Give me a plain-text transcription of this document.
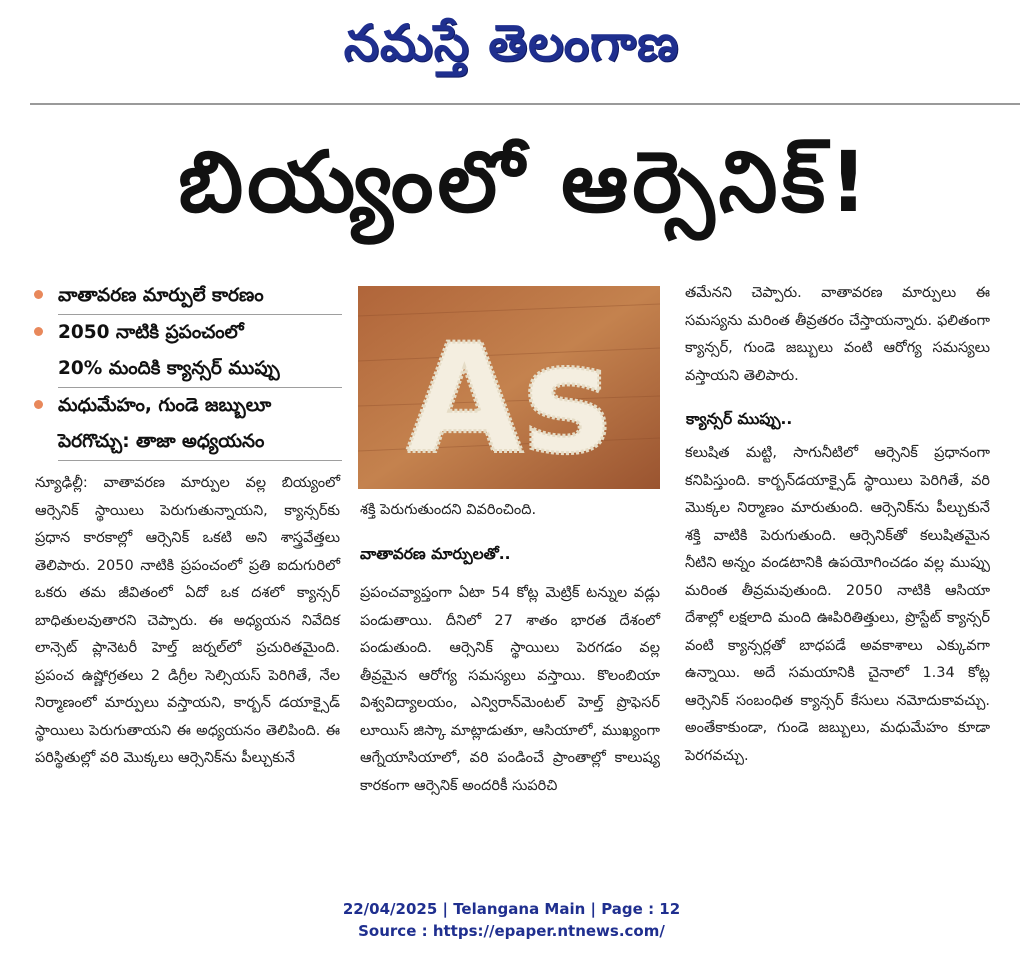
నమస్తే తెలంగాణ
బియ్యంలో ఆర్సెనిక్‌!
వాతావరణ మార్పులే కారణం
2050 నాటికి ప్రపంచంలో
20% మందికి క్యాన్సర్‌ ముప్పు
మధుమేహం, గుండె జబ్బులూ
పెరగొచ్చు: తాజా అధ్యయనం

న్యూఢిల్లీ: వాతావరణ మార్పుల వల్ల బియ్యంలో ఆర్సెనిక్‌ స్థాయిలు పెరుగుతున్నాయని, క్యాన్సర్‌కు ప్రధాన కారకాల్లో ఆర్సెనిక్‌ ఒకటి అని శాస్త్రవేత్తలు తెలిపారు. 2050 నాటికి ప్రపంచంలో ప్రతి ఐదుగురిలో ఒకరు తమ జీవితంలో ఏదో ఒక దశలో క్యాన్సర్‌ బాధితులవుతారని చెప్పారు. ఈ అధ్యయన నివేదిక లాన్సెట్‌ ప్లానెటరీ హెల్త్‌ జర్నల్‌లో ప్రచురితమైంది. ప్రపంచ ఉష్ణోగ్రతలు 2 డిగ్రీల సెల్సియస్‌ పెరిగితే, నేల నిర్మాణంలో మార్పులు వస్తాయని, కార్బన్‌ డయాక్సైడ్‌ స్థాయిలు పెరుగుతాయని ఈ అధ్యయనం తెలిపింది. ఈ పరిస్థితుల్లో వరి మొక్కలు ఆర్సెనిక్‌ను పీల్చుకునే

As
శక్తి పెరుగుతుందని వివరించింది.
వాతావరణ మార్పులతో..

ప్రపంచవ్యాప్తంగా ఏటా 54 కోట్ల మెట్రిక్‌ టన్నుల వడ్లు పండుతాయి. దీనిలో 27 శాతం భారత దేశంలో పండుతుంది. ఆర్సెనిక్‌ స్థాయిలు పెరగడం వల్ల తీవ్రమైన ఆరోగ్య సమస్యలు వస్తాయి. కొలంబియా విశ్వవిద్యాలయం, ఎన్విరాన్‌మెంటల్‌ హెల్త్‌ ప్రొఫెసర్‌ లూయిస్‌ జిస్కా మాట్లాడుతూ, ఆసియాలో, ముఖ్యంగా ఆగ్నేయాసియాలో, వరి పండించే ప్రాంతాల్లో కాలుష్య కారకంగా ఆర్సెనిక్‌ అందరికీ సుపరిచి

తమేనని చెప్పారు. వాతావరణ మార్పులు ఈ సమస్యను మరింత తీవ్రతరం చేస్తాయన్నారు. ఫలితంగా క్యాన్సర్‌, గుండె జబ్బులు వంటి ఆరోగ్య సమస్యలు వస్తాయని తెలిపారు.

క్యాన్సర్‌ ముప్పు..

కలుషిత మట్టి, సాగునీటిలో ఆర్సెనిక్‌ ప్రధానంగా కనిపిస్తుంది. కార్బన్‌డయాక్సైడ్‌ స్థాయిలు పెరిగితే, వరి మొక్కల నిర్మాణం మారుతుంది. ఆర్సెనిక్‌ను పీల్చుకునే శక్తి వాటికి పెరుగుతుంది. ఆర్సెనిక్‌తో కలుషితమైన నీటిని అన్నం వండటానికి ఉపయోగించడం వల్ల ముప్పు మరింత తీవ్రమవుతుంది. 2050 నాటికి ఆసియా దేశాల్లో లక్షలాది మంది ఊపిరితిత్తులు, ప్రొస్టేట్‌ క్యాన్సర్‌ వంటి క్యాన్సర్లతో బాధపడే అవకాశాలు ఎక్కువగా ఉన్నాయి. అదే సమయానికి చైనాలో 1.34 కోట్ల ఆర్సెనిక్‌ సంబంధిత క్యాన్సర్‌ కేసులు నమోదుకావచ్చు. అంతేకాకుండా, గుండె జబ్బులు, మధుమేహం కూడా పెరగవచ్చు.

22/04/2025 | Telangana Main | Page : 12
Source : https://epaper.ntnews.com/
